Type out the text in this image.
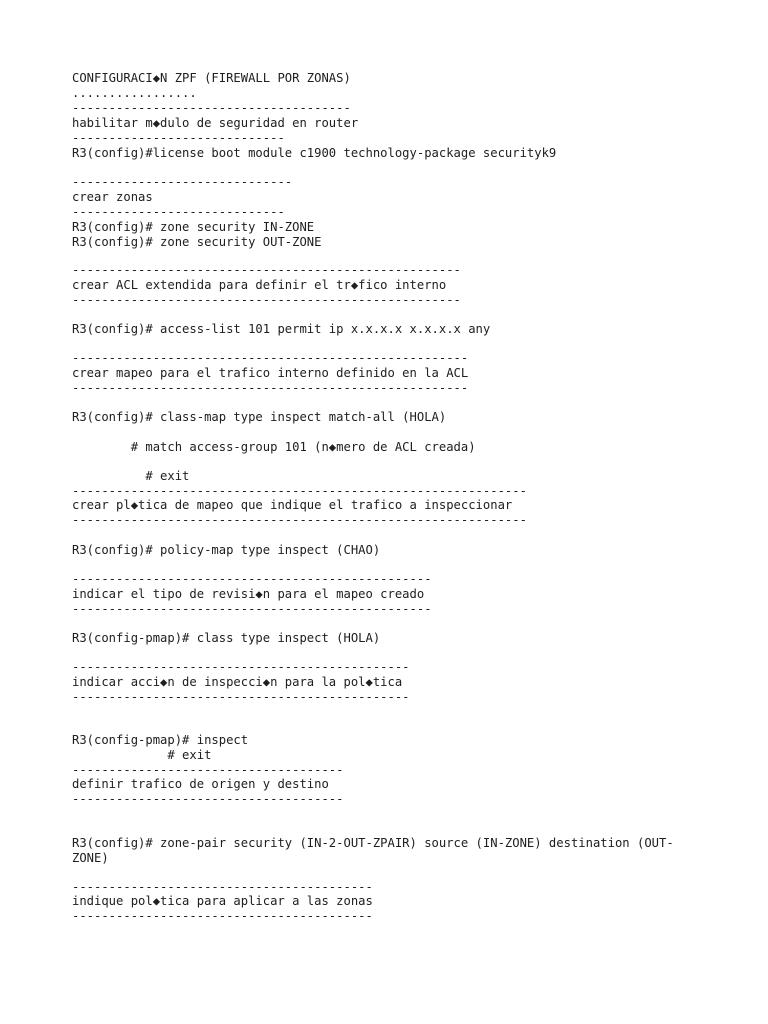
CONFIGURACI◆N ZPF (FIREWALL POR ZONAS)

.................

--------------------------------------

habilitar m◆dulo de seguridad en router

-----------------------------

R3(config)#license boot module c1900 technology-package securityk9

------------------------------

crear zonas

-----------------------------

R3(config)# zone security IN-ZONE

R3(config)# zone security OUT-ZONE

-----------------------------------------------------

crear ACL extendida para definir el tr◆fico interno

-----------------------------------------------------

R3(config)# access-list 101 permit ip x.x.x.x x.x.x.x any

------------------------------------------------------

crear mapeo para el trafico interno definido en la ACL

------------------------------------------------------

R3(config)# class-map type inspect match-all (HOLA)

# match access-group 101 (n◆mero de ACL creada)

# exit

--------------------------------------------------------------

crear pl◆tica de mapeo que indique el trafico a inspeccionar

--------------------------------------------------------------

R3(config)# policy-map type inspect (CHAO)

-------------------------------------------------

indicar el tipo de revisi◆n para el mapeo creado

-------------------------------------------------

R3(config-pmap)# class type inspect (HOLA)

----------------------------------------------

indicar acci◆n de inspecci◆n para la pol◆tica

----------------------------------------------

R3(config-pmap)# inspect

# exit

-------------------------------------

definir trafico de origen y destino

-------------------------------------

R3(config)# zone-pair security (IN-2-OUT-ZPAIR) source (IN-ZONE) destination (OUT-

ZONE)

-----------------------------------------

indique pol◆tica para aplicar a las zonas

-----------------------------------------
